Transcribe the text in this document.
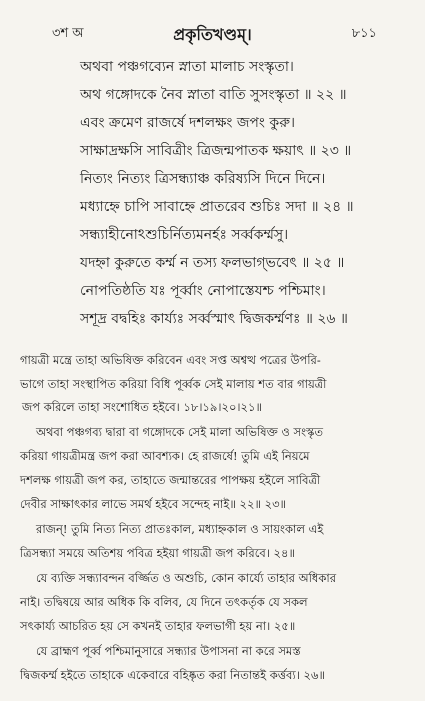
৩শ অ	প্রকৃতিখণ্ডম্‌।	৮১১
অথবা পঞ্চগব্যেন স্নাতা মালাচ সংস্কৃতা।
অথ গঙ্গোদকে নৈব স্নাতা বাতি সুসংস্কৃতা ॥ ২২ ॥
এবং ক্রমেণ রাজর্ষে দশলক্ষং জপং কুরু।
সাক্ষাদ্রক্ষসি সাবিত্রীং ত্রিজন্মপাতক ক্ষয়াৎ ॥ ২৩ ॥
নিত্যং নিত্যং ত্রিসন্ধ্যাঞ্চ করিষ্যসি দিনে দিনে।
মধ্যাহ্নে চাপি সাবাহ্নে প্রাতরেব শুচিঃ সদা ॥ ২৪ ॥
সন্ধ্যাহীনোঽশুচির্নিত্যমনর্হঃ সর্ব্বকর্ম্মসু।
যদহ্না কুরুতে কর্ম্ম ন তস্য ফলভাগ্‌ভবেৎ ॥ ২৫ ॥
নোপতিষ্ঠতি যঃ পূর্ব্বাং নোপাস্তেযশ্চ পশ্চিমাং।
সশূদ্র বদ্বহিঃ কার্য্যঃ সর্ব্বস্মাৎ দ্বিজকর্ম্মণঃ ॥ ২৬ ॥
গায়ত্রী মন্ত্রে তাহা অভিষিক্ত করিবেন এবং সপ্ত অশ্বত্থ পত্রের উপরি-
ভাগে তাহা সংস্থাপিত করিয়া বিধি পূর্ব্বক সেই মালায় শত বার গায়ত্রী
জপ করিলে তাহা সংশোধিত হইবে। ১৮।১৯।২০।২১॥
অথবা পঞ্চগব্য দ্বারা বা গঙ্গোদকে সেই মালা অভিষিক্ত ও সংস্কৃত
করিয়া গায়ত্রীমন্ত্র জপ করা আবশ্যক। হে রাজর্ষে! তুমি এই নিয়মে
দশলক্ষ গায়ত্রী জপ কর, তাহাতে জন্মান্তরের পাপক্ষয় হইলে সাবিত্রী
দেবীর সাক্ষাৎকার লাভে সমর্থ হইবে সন্দেহ নাই॥ ২২॥ ২৩॥
রাজন্‌! তুমি নিত্য নিত্য প্রাতঃকাল, মধ্যাহ্নকাল ও সায়ংকাল এই
ত্রিসন্ধ্যা সময়ে অতিশয় পবিত্র হইয়া গায়ত্রী জপ করিবে। ২৪॥
যে ব্যক্তি সন্ধ্যাবন্দন বর্জ্জিত ও অশুচি, কোন কার্য্যে তাহার অধিকার
নাই। তদ্বিষয়ে আর অধিক কি বলিব, যে দিনে তৎকর্তৃক যে সকল
সৎকার্য্য আচরিত হয় সে কখনই তাহার ফলভাগী হয় না। ২৫॥
যে ব্রাহ্মণ পূর্ব্ব পশ্চিমানুসারে সন্ধ্যার উপাসনা না করে সমস্ত
দ্বিজকর্ম্ম হইতে তাহাকে একেবারে বহিষ্কৃত করা নিতান্তই কর্ত্তব্য। ২৬॥
